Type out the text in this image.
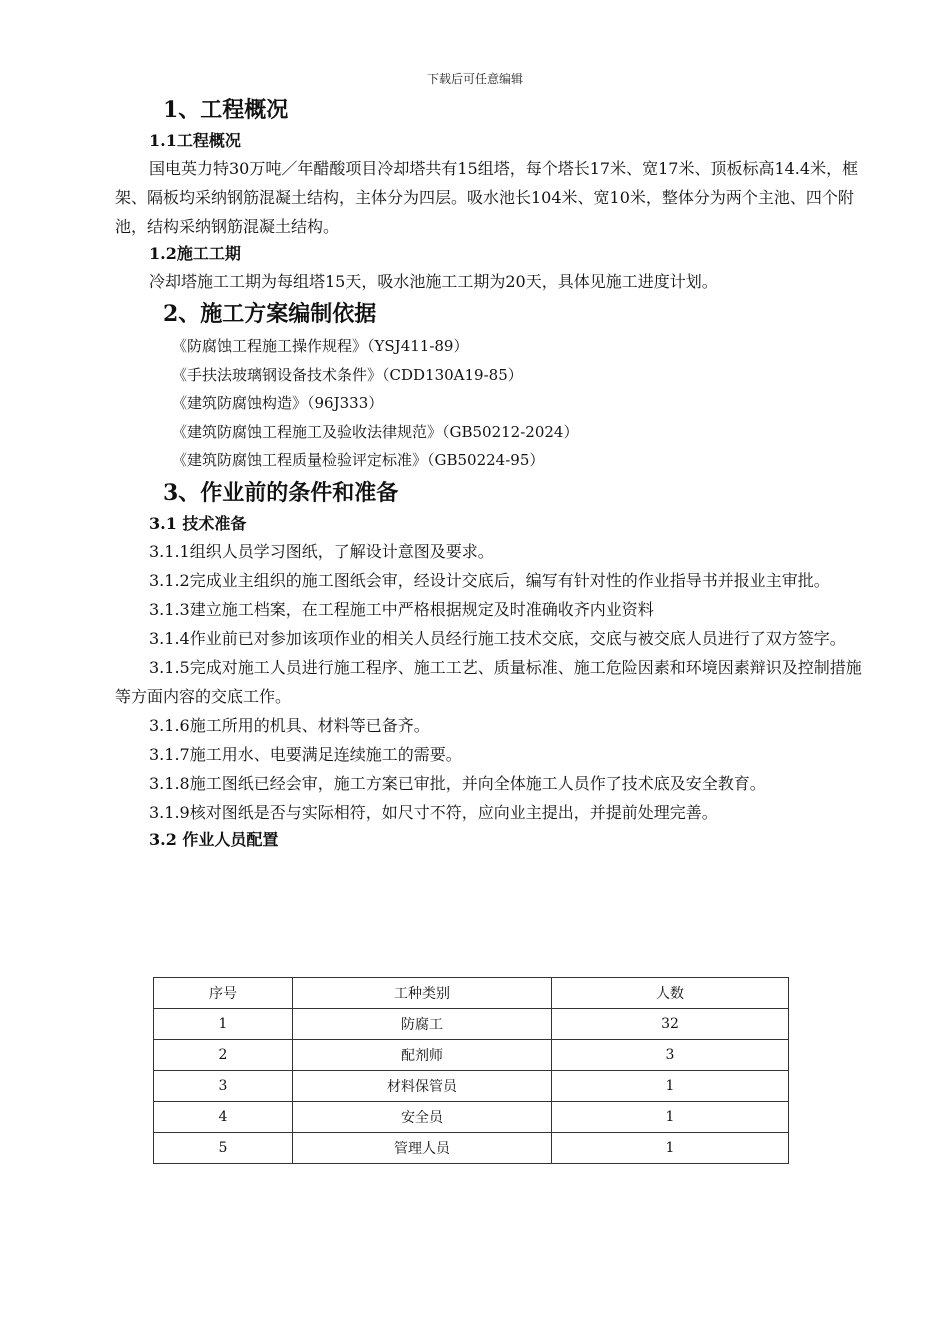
下载后可任意编辑
1、工程概况
1.1工程概况

国电英力特30万吨／年醋酸项目冷却塔共有15组塔，每个塔长17米、宽17米、顶板标高14.4米，框架、隔板均采纳钢筋混凝土结构，主体分为四层。吸水池长104米、宽10米，整体分为两个主池、四个附池，结构采纳钢筋混凝土结构。

1.2施工工期

冷却塔施工工期为每组塔15天，吸水池施工工期为20天，具体见施工进度计划。

2、施工方案编制依据

《防腐蚀工程施工操作规程》（YSJ411-89）

《手扶法玻璃钢设备技术条件》（CDD130A19-85）

《建筑防腐蚀构造》（96J333）

《建筑防腐蚀工程施工及验收法律规范》（GB50212-2024）

《建筑防腐蚀工程质量检验评定标准》（GB50224-95）

3、作业前的条件和准备
3.1 技术准备

3.1.1组织人员学习图纸，了解设计意图及要求。

3.1.2完成业主组织的施工图纸会审，经设计交底后，编写有针对性的作业指导书并报业主审批。

3.1.3建立施工档案，在工程施工中严格根据规定及时准确收齐内业资料

3.1.4作业前已对参加该项作业的相关人员经行施工技术交底，交底与被交底人员进行了双方签字。

3.1.5完成对施工人员进行施工程序、施工工艺、质量标准、施工危险因素和环境因素辩识及控制措施等方面内容的交底工作。

3.1.6施工所用的机具、材料等已备齐。

3.1.7施工用水、电要满足连续施工的需要。

3.1.8施工图纸已经会审，施工方案已审批，并向全体施工人员作了技术底及安全教育。

3.1.9核对图纸是否与实际相符，如尺寸不符，应向业主提出，并提前处理完善。

3.2 作业人员配置
序号	工种类别	人数
1	防腐工	32
2	配剂师	3
3	材料保管员	1
4	安全员	1
5	管理人员	1
